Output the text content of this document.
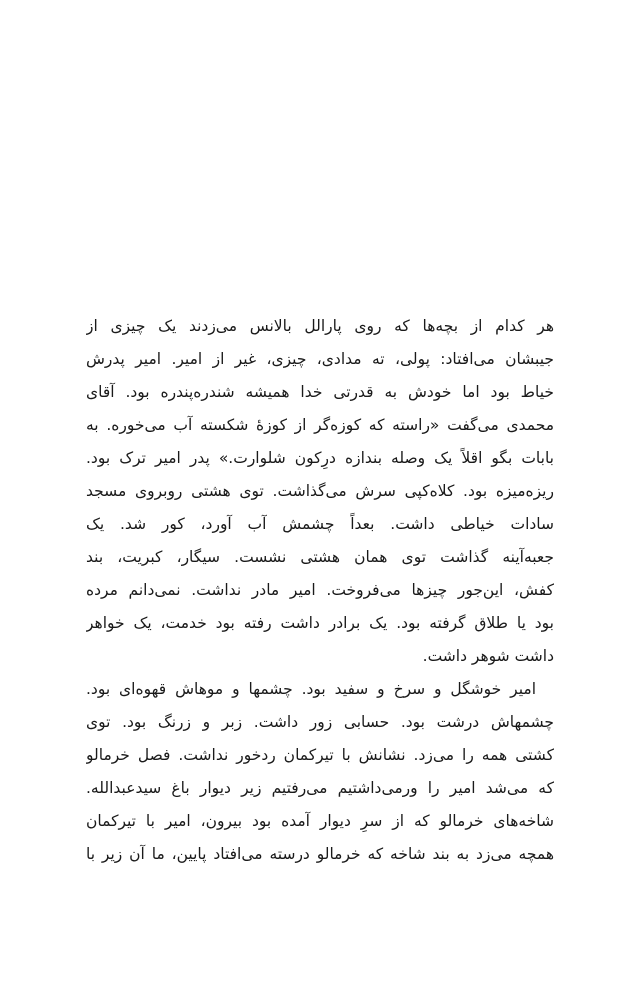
هر کدام از بچه‌ها که روی پارالل بالانس می‌زدند یک چیزی از
جیبشان می‌افتاد: پولی، ته مدادی، چیزی، غیر از امیر. امیر پدرش
خیاط بود اما خودش به قدرتی خدا همیشه شندره‌پندره بود. آقای
محمدی می‌گفت «راسته که کوزه‌گر از کوزهٔ شکسته آب می‌خوره. به
بابات بگو اقلاً یک وصله بندازه درِکون شلوارت.» پدر امیر ترک بود.
ریزه‌میزه بود. کلاه‌کپی سرش می‌گذاشت. توی هشتی روبروی مسجد
سادات خیاطی داشت. بعداً چشمش آب آورد، کور شد. یک
جعبه‌آینه گذاشت توی همان هشتی نشست. سیگار، کبریت، بند
کفش، این‌جور چیزها می‌فروخت. امیر مادر نداشت. نمی‌دانم مرده
بود یا طلاق گرفته بود. یک برادر داشت رفته بود خدمت، یک خواهر
داشت شوهر داشت.
امیر خوشگل و سرخ و سفید بود. چشمها و موهاش قهوه‌ای بود.
چشمهاش درشت بود. حسابی زور داشت. زبر و زرنگ بود. توی
کشتی همه را می‌زد. نشانش با تیرکمان ردخور نداشت. فصل خرمالو
که می‌شد امیر را ورمی‌داشتیم می‌رفتیم زیر دیوار باغ سیدعبدالله.
شاخه‌های خرمالو که از سرِ دیوار آمده بود بیرون، امیر با تیرکمان
همچه می‌زد به بند شاخه که خرمالو درسته می‌افتاد پایین، ما آن زیر با
